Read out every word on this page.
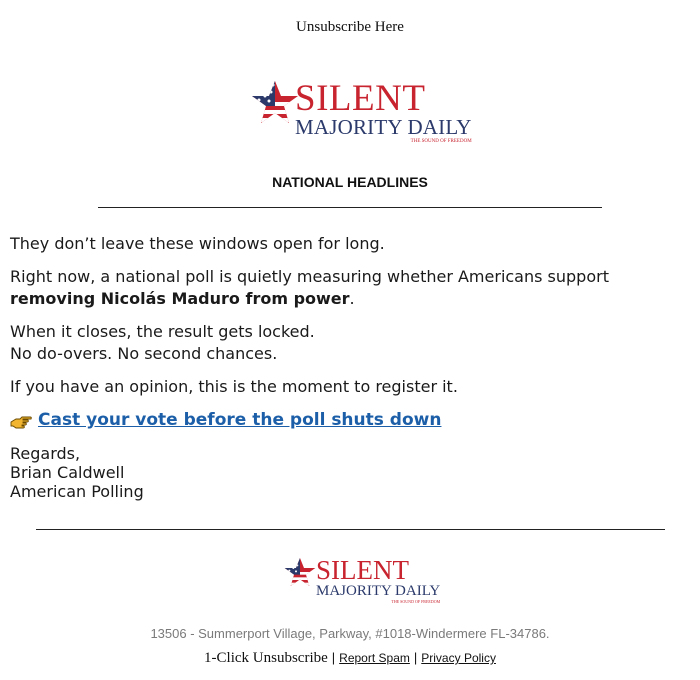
Unsubscribe Here
SILENT
MAJORITY DAILY
THE SOUND OF FREEDOM
NATIONAL HEADLINES

They don’t leave these windows open for long.

Right now, a national poll is quietly measuring whether Americans support
removing Nicolás Maduro from power.

When it closes, the result gets locked.
No do-overs. No second chances.

If you have an opinion, this is the moment to register it.

Cast your vote before the poll shuts down
Regards,
Brian Caldwell
American Polling
SILENT
MAJORITY DAILY
THE SOUND OF FREEDOM
13506 - Summerport Village, Parkway, #1018-Windermere FL-34786.
1-Click Unsubscribe | Report Spam | Privacy Policy
